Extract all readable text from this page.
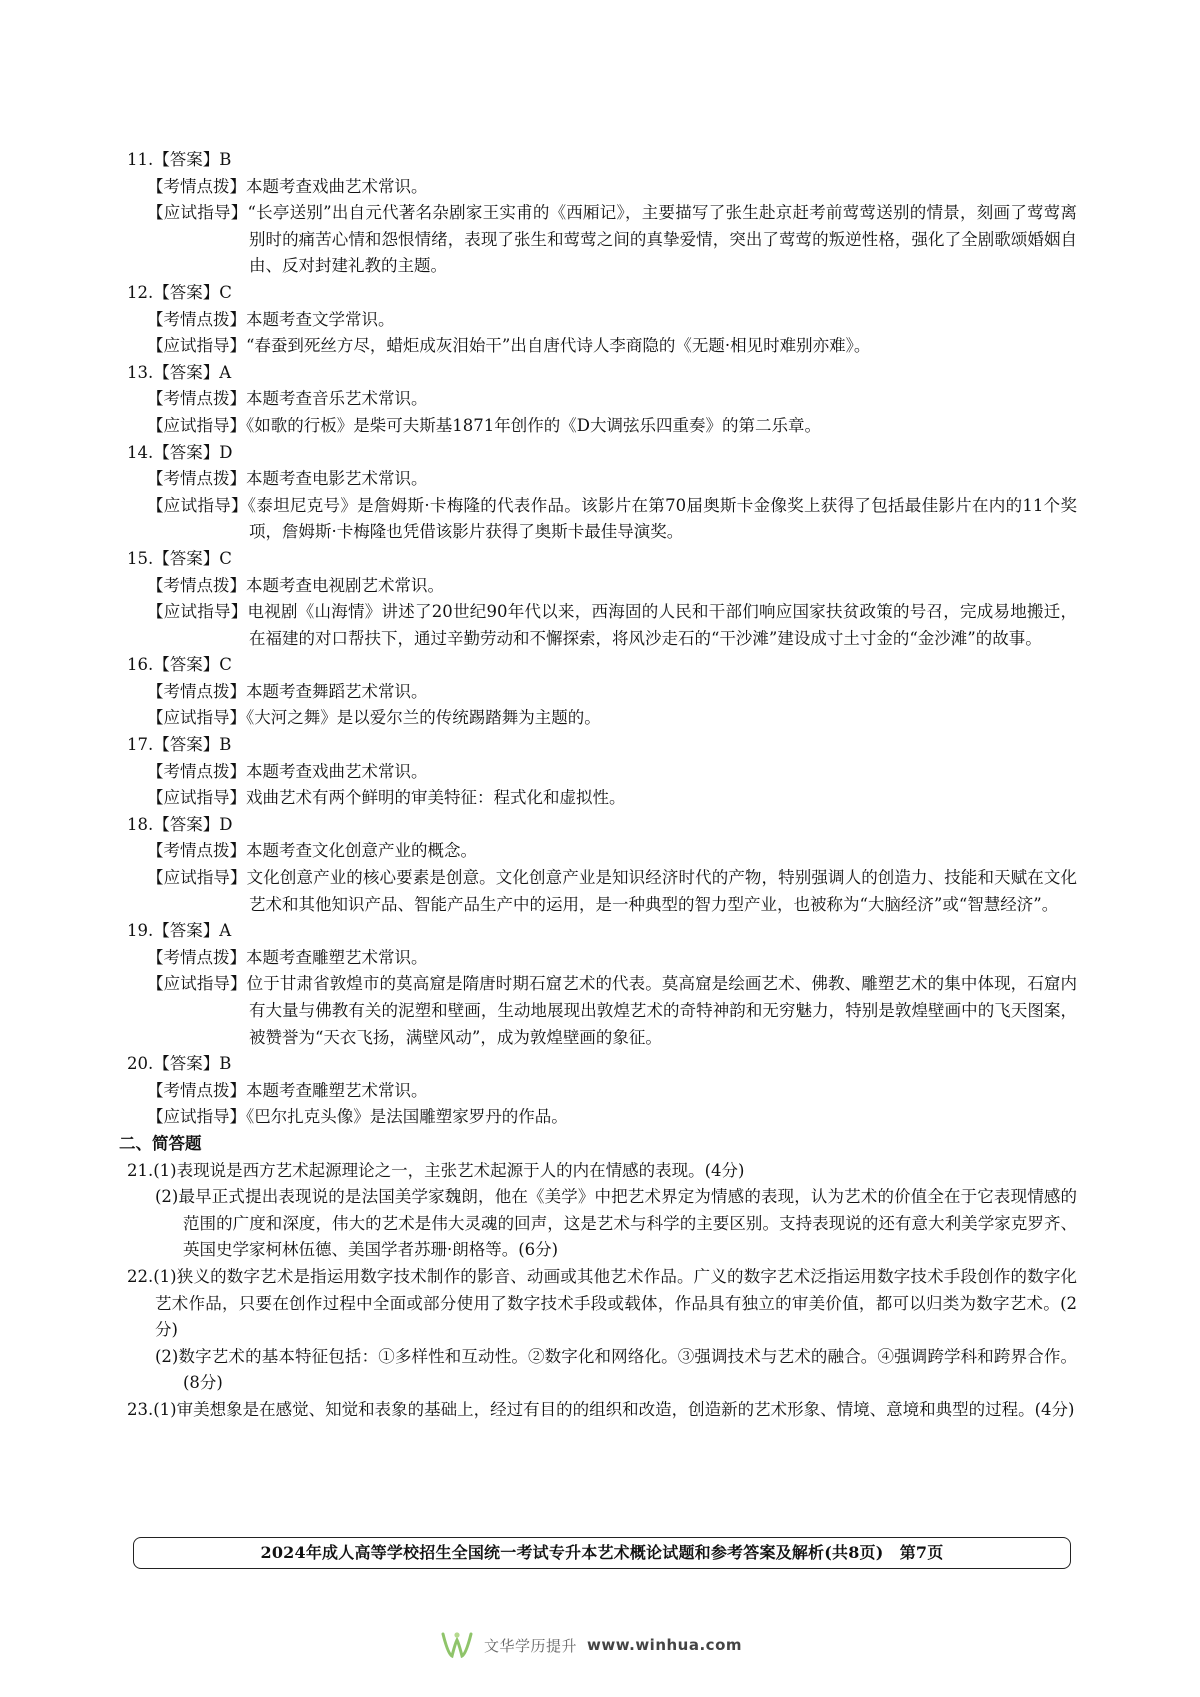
11.【答案】B

【考情点拨】本题考查戏曲艺术常识。

【应试指导】“长亭送别”出自元代著名杂剧家王实甫的《西厢记》，主要描写了张生赴京赶考前莺莺送别的情景，刻画了莺莺离别时的痛苦心情和怨恨情绪，表现了张生和莺莺之间的真挚爱情，突出了莺莺的叛逆性格，强化了全剧歌颂婚姻自由、反对封建礼教的主题。

12.【答案】C

【考情点拨】本题考查文学常识。

【应试指导】“春蚕到死丝方尽，蜡炬成灰泪始干”出自唐代诗人李商隐的《无题·相见时难别亦难》。

13.【答案】A

【考情点拨】本题考查音乐艺术常识。

【应试指导】《如歌的行板》是柴可夫斯基1871年创作的《D大调弦乐四重奏》的第二乐章。

14.【答案】D

【考情点拨】本题考查电影艺术常识。

【应试指导】《泰坦尼克号》是詹姆斯·卡梅隆的代表作品。该影片在第70届奥斯卡金像奖上获得了包括最佳影片在内的11个奖项，詹姆斯·卡梅隆也凭借该影片获得了奥斯卡最佳导演奖。

15.【答案】C

【考情点拨】本题考查电视剧艺术常识。

【应试指导】电视剧《山海情》讲述了20世纪90年代以来，西海固的人民和干部们响应国家扶贫政策的号召，完成易地搬迁，在福建的对口帮扶下，通过辛勤劳动和不懈探索，将风沙走石的“干沙滩”建设成寸土寸金的“金沙滩”的故事。

16.【答案】C

【考情点拨】本题考查舞蹈艺术常识。

【应试指导】《大河之舞》是以爱尔兰的传统踢踏舞为主题的。

17.【答案】B

【考情点拨】本题考查戏曲艺术常识。

【应试指导】戏曲艺术有两个鲜明的审美特征：程式化和虚拟性。

18.【答案】D

【考情点拨】本题考查文化创意产业的概念。

【应试指导】文化创意产业的核心要素是创意。文化创意产业是知识经济时代的产物，特别强调人的创造力、技能和天赋在文化艺术和其他知识产品、智能产品生产中的运用，是一种典型的智力型产业，也被称为“大脑经济”或“智慧经济”。

19.【答案】A

【考情点拨】本题考查雕塑艺术常识。

【应试指导】位于甘肃省敦煌市的莫高窟是隋唐时期石窟艺术的代表。莫高窟是绘画艺术、佛教、雕塑艺术的集中体现，石窟内有大量与佛教有关的泥塑和壁画，生动地展现出敦煌艺术的奇特神韵和无穷魅力，特别是敦煌壁画中的飞天图案，被赞誉为“天衣飞扬，满壁风动”，成为敦煌壁画的象征。

20.【答案】B

【考情点拨】本题考查雕塑艺术常识。

【应试指导】《巴尔扎克头像》是法国雕塑家罗丹的作品。

二、简答题

21.(1)表现说是西方艺术起源理论之一，主张艺术起源于人的内在情感的表现。(4分)

(2)最早正式提出表现说的是法国美学家魏朗，他在《美学》中把艺术界定为情感的表现，认为艺术的价值全在于它表现情感的范围的广度和深度，伟大的艺术是伟大灵魂的回声，这是艺术与科学的主要区别。支持表现说的还有意大利美学家克罗齐、英国史学家柯林伍德、美国学者苏珊·朗格等。(6分)

22.(1)狭义的数字艺术是指运用数字技术制作的影音、动画或其他艺术作品。广义的数字艺术泛指运用数字技术手段创作的数字化艺术作品，只要在创作过程中全面或部分使用了数字技术手段或载体，作品具有独立的审美价值，都可以归类为数字艺术。(2分)

(2)数字艺术的基本特征包括：①多样性和互动性。②数字化和网络化。③强调技术与艺术的融合。④强调跨学科和跨界合作。(8分)

23.(1)审美想象是在感觉、知觉和表象的基础上，经过有目的的组织和改造，创造新的艺术形象、情境、意境和典型的过程。(4分)

2024年成人高等学校招生全国统一考试专升本艺术概论试题和参考答案及解析(共8页)　第7页
文华学历提升 www.winhua.com
